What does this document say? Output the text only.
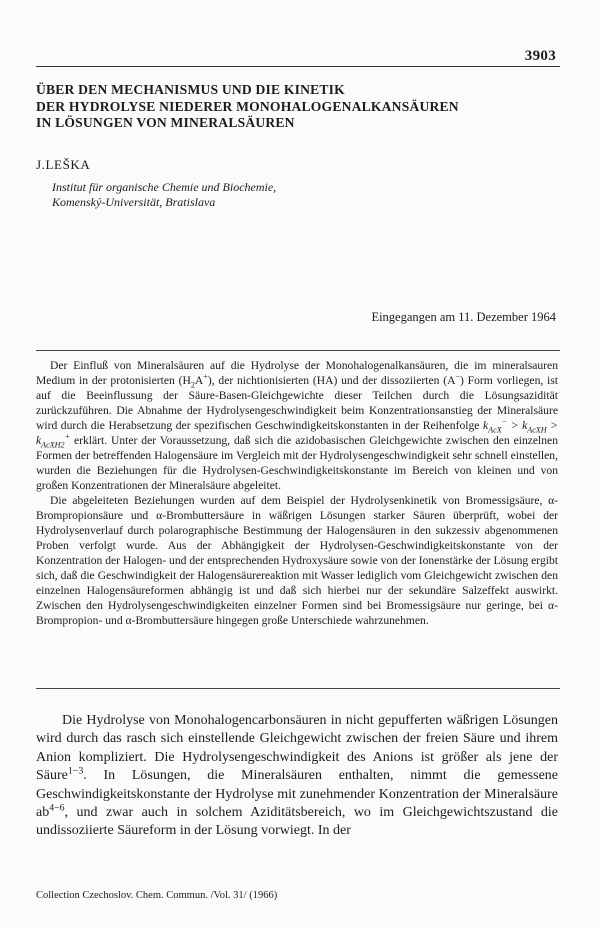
3903
ÜBER DEN MECHANISMUS UND DIE KINETIK
DER HYDROLYSE NIEDERER MONOHALOGENALKANSÄUREN
IN LÖSUNGEN VON MINERALSÄUREN
J.LEŠKA
Institut für organische Chemie und Biochemie,
Komenský-Universität, Bratislava
Eingegangen am 11. Dezember 1964

Der Einfluß von Mineralsäuren auf die Hydrolyse der Monohalogenalkansäuren, die im mineralsauren Medium in der protonisierten $(H_2A^+)$, der nichtionisierten (HA) und der dissoziierten (A−) Form vorliegen, ist auf die Beeinflussung der Säure-Basen-Gleichgewichte dieser Teilchen durch die Lösungsazidität zurückzuführen. Die Abnahme der Hydrolysengeschwindigkeit beim Konzentrationsanstieg der Mineralsäure wird durch die Herabsetzung der spezifischen Geschwindigkeitskonstanten in der Reihenfolge $k_{AcX}^- > k_{AcXH} > k_{AcXH2}^+$ erklärt. Unter der Voraussetzung, daß sich die azidobasischen Gleichgewichte zwischen den einzelnen Formen der betreffenden Halogensäure im Vergleich mit der Hydrolysengeschwindigkeit sehr schnell einstellen, wurden die Beziehungen für die Hydrolysen-Geschwindigkeitskonstante im Bereich von kleinen und von großen Konzentrationen der Mineralsäure abgeleitet.

Die abgeleiteten Beziehungen wurden auf dem Beispiel der Hydrolysenkinetik von Bromessigsäure, α-Brompropionsäure und α-Brombuttersäure in wäßrigen Lösungen starker Säuren überprüft, wobei der Hydrolysenverlauf durch polarographische Bestimmung der Halogensäuren in den sukzessiv abgenommenen Proben verfolgt wurde. Aus der Abhängigkeit der Hydrolysen-Geschwindigkeitskonstante von der Konzentration der Halogen- und der entsprechenden Hydroxysäure sowie von der Ionenstärke der Lösung ergibt sich, daß die Geschwindigkeit der Halogensäurereaktion mit Wasser lediglich vom Gleichgewicht zwischen den einzelnen Halogensäureformen abhängig ist und daß sich hierbei nur der sekundäre Salzeffekt auswirkt. Zwischen den Hydrolysengeschwindigkeiten einzelner Formen sind bei Bromessigsäure nur geringe, bei α-Brompropion- und α-Brombuttersäure hingegen große Unterschiede wahrzunehmen.

Die Hydrolyse von Monohalogencarbonsäuren in nicht gepufferten wäßrigen Lösungen wird durch das rasch sich einstellende Gleichgewicht zwischen der freien Säure und ihrem Anion kompliziert. Die Hydrolysengeschwindigkeit des Anions ist größer als jene der Säure$^{1-3}$. In Lösungen, die Mineralsäuren enthalten, nimmt die gemessene Geschwindigkeitskonstante der Hydrolyse mit zunehmender Konzentration der Mineralsäure $ab^{4-6}$, und zwar auch in solchem Aziditätsbereich, wo im Gleichgewichtszustand die undissoziierte Säureform in der Lösung vorwiegt. In der

Collection Czechoslov. Chem. Commun. /Vol. 31/ (1966)
